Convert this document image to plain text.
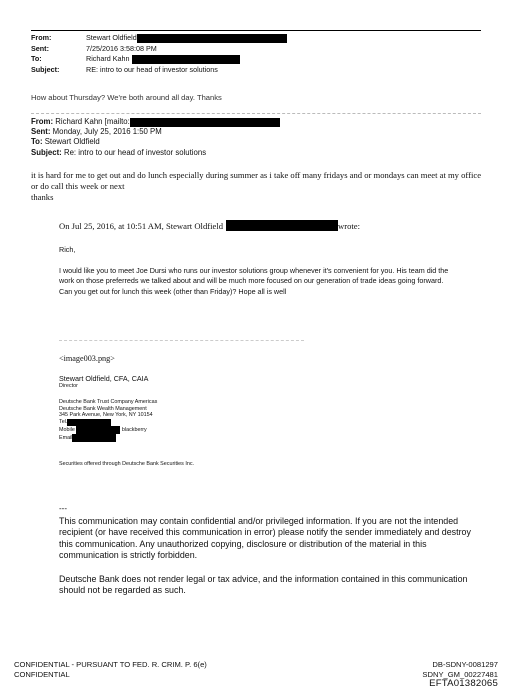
From:	Stewart Oldfield
Sent:	7/25/2016 3:58:08 PM
To:	Richard Kahn
Subject:	RE: intro to our head of investor solutions
How about Thursday? We're both around all day. Thanks
From:
Richard Kahn [mailto:
Sent: Monday, July 25, 2016 1:50 PM
To: Stewart Oldfield
Subject: Re: intro to our head of investor solutions
it is hard for me to get out and do lunch especially during summer as i take off many fridays and or mondays can meet at my office or do call this week or next
thanks
On Jul 25, 2016, at 10:51 AM, Stewart Oldfield	wrote:
Rich,
I would like you to meet Joe Dursi who runs our investor solutions group whenever it's convenient for you. His team did the work on those preferreds we talked about and will be much more focused on our generation of trade ideas going forward. Can you get out for lunch this week (other than Friday)? Hope all is well
<image003.png>
Stewart Oldfield, CFA, CAIA
Director
Deutsche Bank Trust Company Americas
Deutsche Bank Wealth Management
345 Park Avenue, New York, NY 10154
Tel.
Mobile

	blackberry
Email
Securities offered through Deutsche Bank Securities Inc.
---
This communication may contain confidential and/or privileged information. If you are not the intended recipient (or have received this communication in error) please notify the sender immediately and destroy this communication. Any unauthorized copying, disclosure or distribution of the material in this communication is strictly forbidden.
Deutsche Bank does not render legal or tax advice, and the information contained in this communication should not be regarded as such.
CONFIDENTIAL - PURSUANT TO FED. R. CRIM. P. 6(e)
CONFIDENTIAL
DB-SDNY-0081297
SDNY_GM_00227481
EFTA01382065
